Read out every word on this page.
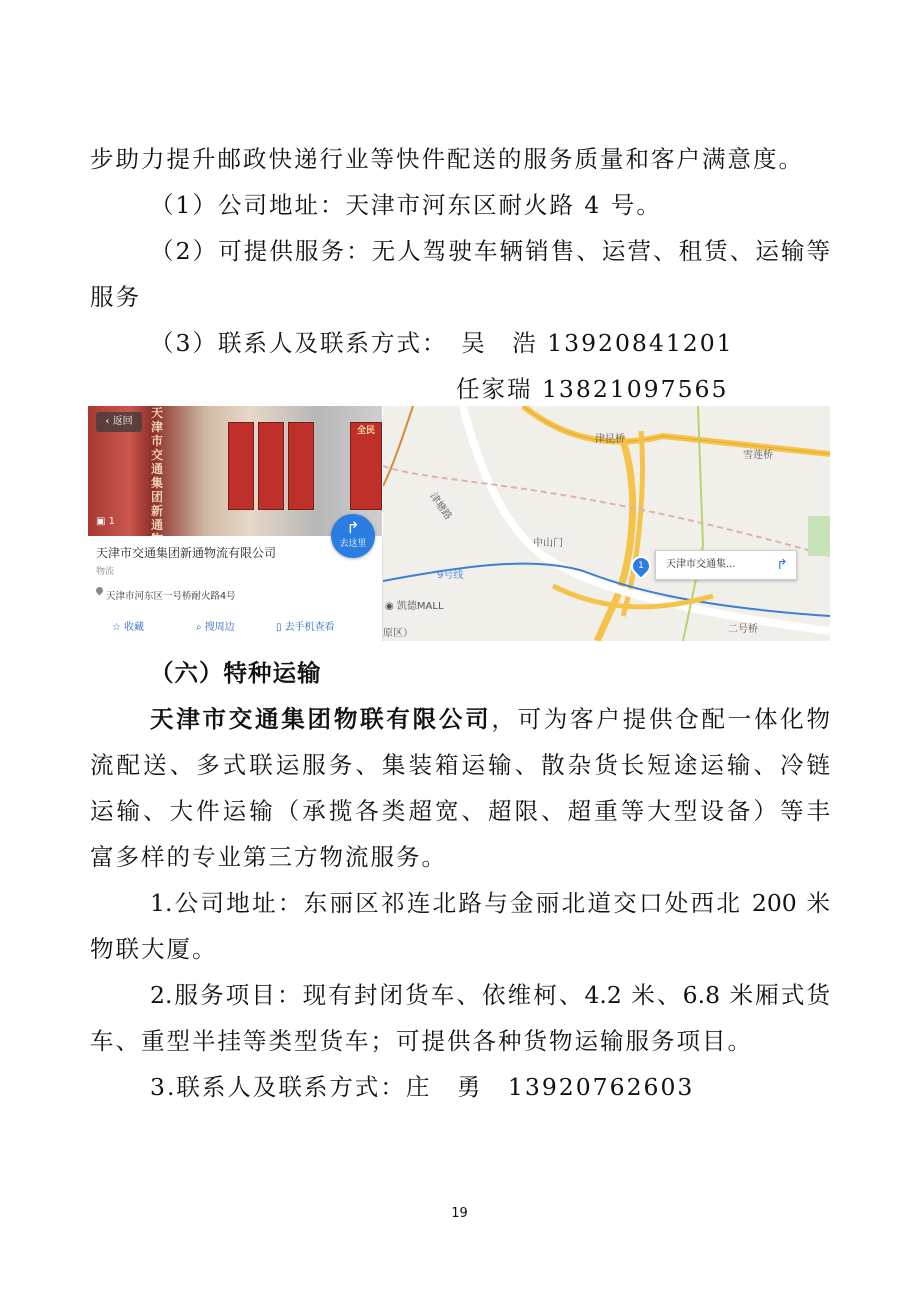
步助力提升邮政快递行业等快件配送的服务质量和客户满意度。
（1）公司地址：天津市河东区耐火路 4 号。
（2）可提供服务：无人驾驶车辆销售、运营、租赁、运输等
服务
（3）联系人及联系方式：　吴　浩 13920841201
任家瑞 13821097565
全民
天津市交通集团新通
‹ 返回
▣ 1
天津市交通集团新通物流有限公司
物流
天津市河东区一号桥耐火路4号
☆ 收藏	⌕ 搜周边	▯ 去手机查看
↱
去这里
津昆桥
雪莲桥
津塘路
中山门
9号线
◉ 凯德MALL
原区）	二号桥
1	天津市交通集...	↱
（六）特种运输
天津市交通集团物联有限公司，可为客户提供仓配一体化物
流配送、多式联运服务、集装箱运输、散杂货长短途运输、冷链
运输、大件运输（承揽各类超宽、超限、超重等大型设备）等丰
富多样的专业第三方物流服务。
1.公司地址：东丽区祁连北路与金丽北道交口处西北 200 米
物联大厦。
2.服务项目：现有封闭货车、依维柯、4.2 米、6.8 米厢式货
车、重型半挂等类型货车；可提供各种货物运输服务项目。
3.联系人及联系方式：庄　勇　13920762603
19
